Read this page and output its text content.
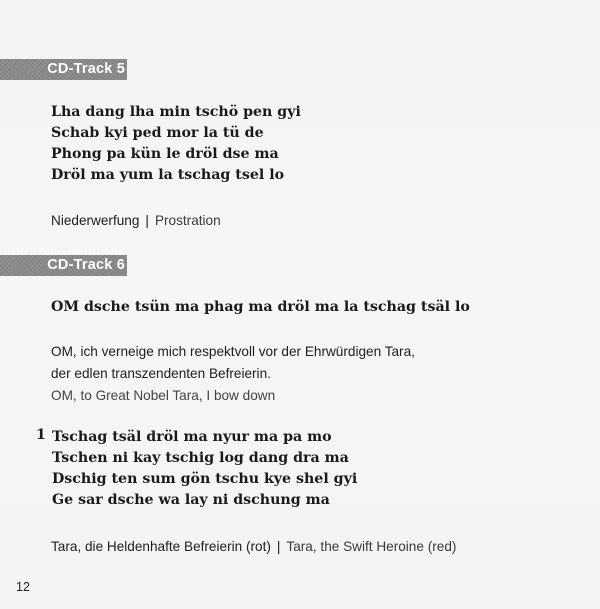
CD-Track 5
Lha dang lha min tschö pen gyi
Schab kyi ped mor la tü de
Phong pa kün le dröl dse ma
Dröl ma yum la tschag tsel lo
Niederwerfung | Prostration
CD-Track 6
OM dsche tsün ma phag ma dröl ma la tschag tsäl lo
OM, ich verneige mich respektvoll vor der Ehrwürdigen Tara,
der edlen transzendenten Befreierin.
OM, to Great Nobel Tara, I bow down
1 Tschag tsäl dröl ma nyur ma pa mo
Tschen ni kay tschig log dang dra ma
Dschig ten sum gön tschu kye shel gyi
Ge sar dsche wa lay ni dschung ma
Tara, die Heldenhafte Befreierin (rot) | Tara, the Swift Heroine (red)
12
